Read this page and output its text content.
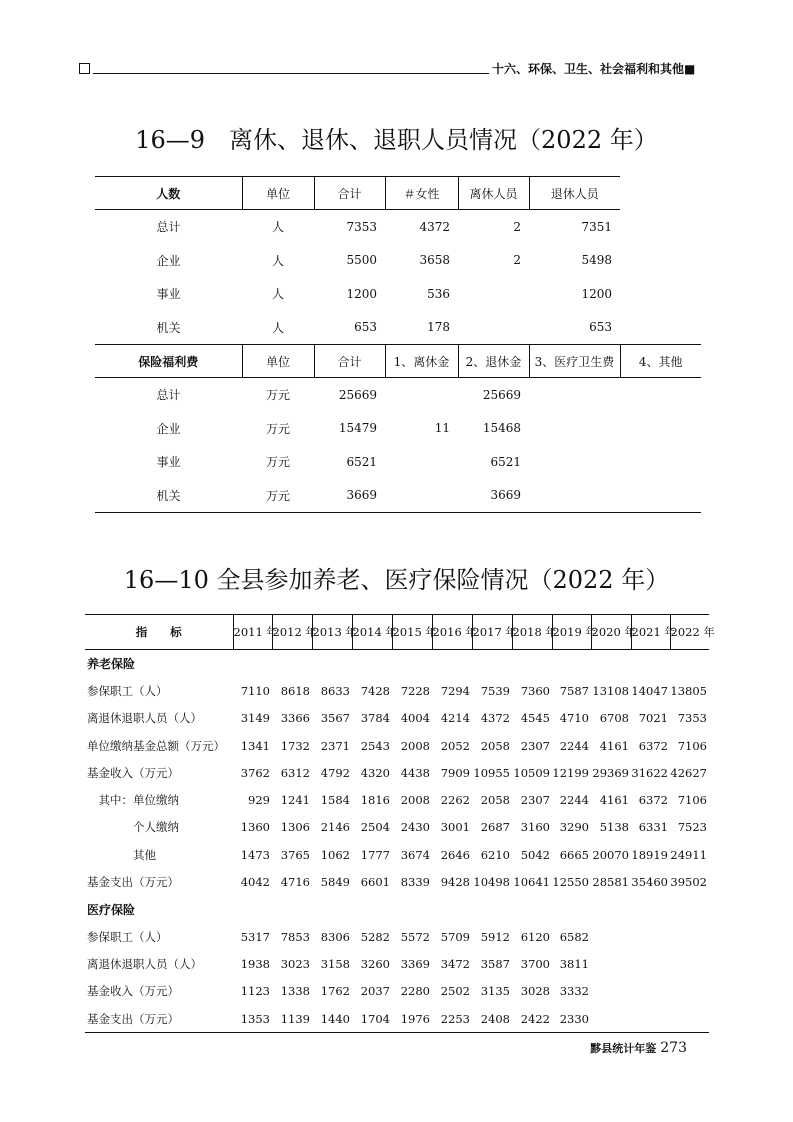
十六、环保、卫生、社会福利和其他■
16—9　离休、退休、退职人员情况（2022 年）
人数	单位	合计	＃女性	离休人员	退休人员	
总计	人	7353	4372	2	7351	
企业	人	5500	3658	2	5498	
事业	人	1200	536		1200	
机关	人	653	178		653	
保险福利费	单位	合计	1、离休金	2、退休金	3、医疗卫生费	4、其他
总计	万元	25669		25669		
企业	万元	15479	11	15468		
事业	万元	6521		6521		
机关	万元	3669		3669		
16—10 全县参加养老、医疗保险情况（2022 年）
指　　标	2011 年	2012 年	2013 年	2014 年	2015 年	2016 年	2017 年	2018 年	2019 年	2020 年	2021 年	2022 年
养老保险												
参保职工（人）	7110	8618	8633	7428	7228	7294	7539	7360	7587	13108	14047	13805
离退休退职人员（人）	3149	3366	3567	3784	4004	4214	4372	4545	4710	6708	7021	7353
单位缴纳基金总额（万元）	1341	1732	2371	2543	2008	2052	2058	2307	2244	4161	6372	7106
基金收入（万元）	3762	6312	4792	4320	4438	7909	10955	10509	12199	29369	31622	42627
　其中：单位缴纳	929	1241	1584	1816	2008	2262	2058	2307	2244	4161	6372	7106
　　　　个人缴纳	1360	1306	2146	2504	2430	3001	2687	3160	3290	5138	6331	7523
　　　　其他	1473	3765	1062	1777	3674	2646	6210	5042	6665	20070	18919	24911
基金支出（万元）	4042	4716	5849	6601	8339	9428	10498	10641	12550	28581	35460	39502
医疗保险												
参保职工（人）	5317	7853	8306	5282	5572	5709	5912	6120	6582			
离退休退职人员（人）	1938	3023	3158	3260	3369	3472	3587	3700	3811			
基金收入（万元）	1123	1338	1762	2037	2280	2502	3135	3028	3332			
基金支出（万元）	1353	1139	1440	1704	1976	2253	2408	2422	2330			
黟县统计年鉴 273
